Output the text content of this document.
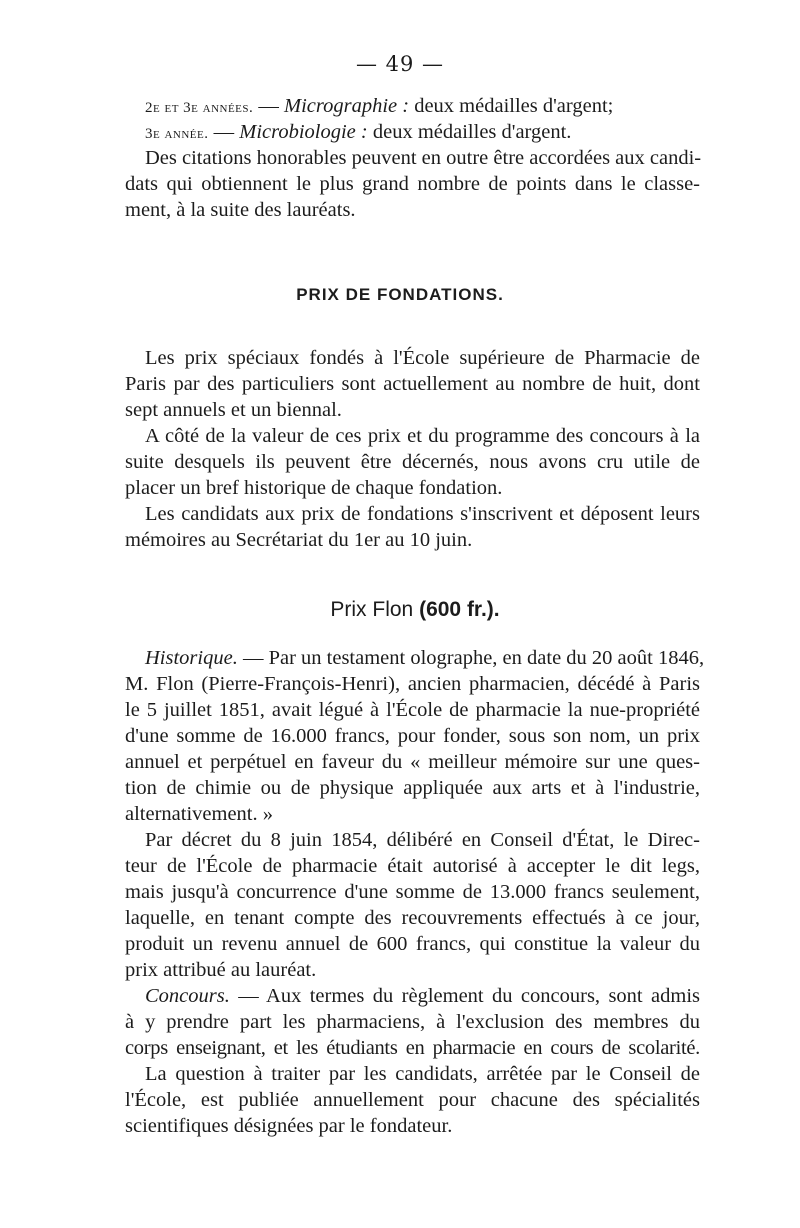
— 49 —
2e et 3e années. — Micrographie : deux médailles d'argent;
3e année. — Microbiologie : deux médailles d'argent.
Des citations honorables peuvent en outre être accordées aux candi-
dats qui obtiennent le plus grand nombre de points dans le classe-
ment, à la suite des lauréats.
PRIX DE FONDATIONS.
Les prix spéciaux fondés à l'École supérieure de Pharmacie de
Paris par des particuliers sont actuellement au nombre de huit, dont
sept annuels et un biennal.
A côté de la valeur de ces prix et du programme des concours à la
suite desquels ils peuvent être décernés, nous avons cru utile de
placer un bref historique de chaque fondation.
Les candidats aux prix de fondations s'inscrivent et déposent leurs
mémoires au Secrétariat du 1er au 10 juin.
Prix Flon (600 fr.).
Historique. — Par un testament olographe, en date du 20 août 1846,
M. Flon (Pierre-François-Henri), ancien pharmacien, décédé à Paris
le 5 juillet 1851, avait légué à l'École de pharmacie la nue-propriété
d'une somme de 16.000 francs, pour fonder, sous son nom, un prix
annuel et perpétuel en faveur du « meilleur mémoire sur une ques-
tion de chimie ou de physique appliquée aux arts et à l'industrie,
alternativement. »
Par décret du 8 juin 1854, délibéré en Conseil d'État, le Direc-
teur de l'École de pharmacie était autorisé à accepter le dit legs,
mais jusqu'à concurrence d'une somme de 13.000 francs seulement,
laquelle, en tenant compte des recouvrements effectués à ce jour,
produit un revenu annuel de 600 francs, qui constitue la valeur du
prix attribué au lauréat.
Concours. — Aux termes du règlement du concours, sont admis
à y prendre part les pharmaciens, à l'exclusion des membres du
corps enseignant, et les étudiants en pharmacie en cours de scolarité.
La question à traiter par les candidats, arrêtée par le Conseil de
l'École, est publiée annuellement pour chacune des spécialités
scientifiques désignées par le fondateur.
